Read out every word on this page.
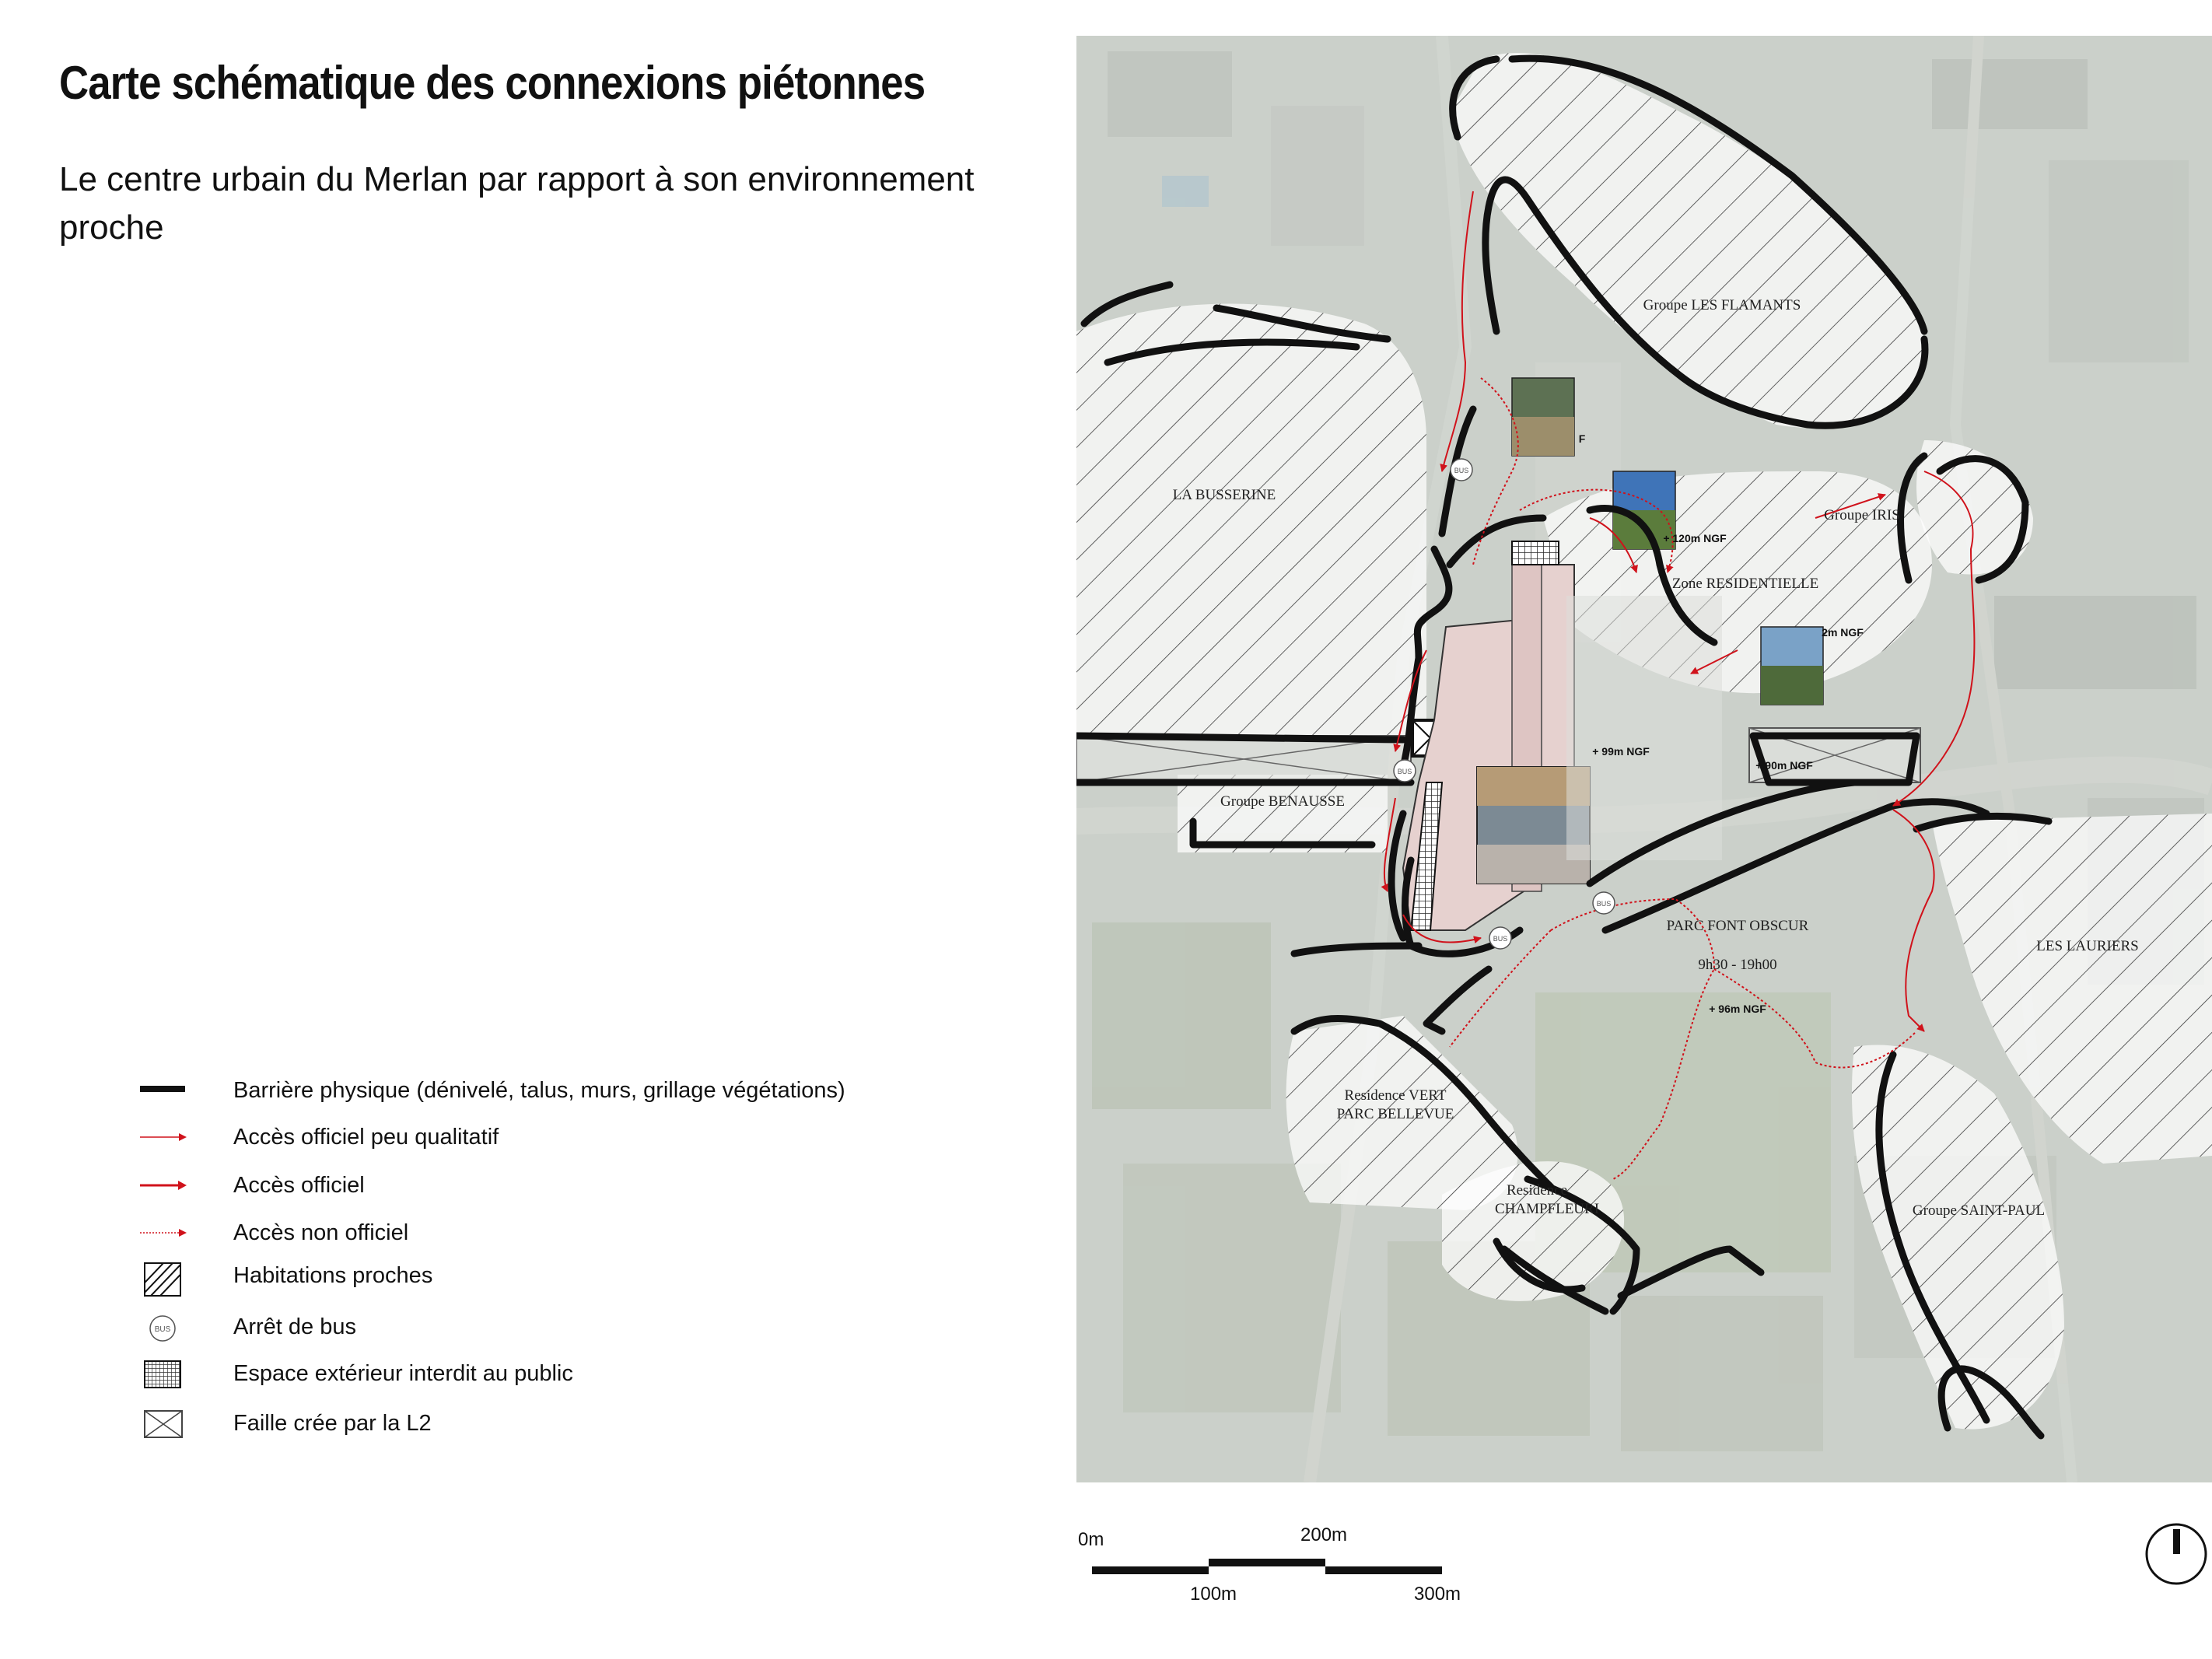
Carte schématique des connexions piétonnes

Le centre urbain du Merlan par rapport à son environnement proche

Barrière physique (dénivelé, talus, murs, grillage végétations)
Accès officiel peu qualitatif
Accès officiel
Accès non officiel
Habitations proches
BUS	Arrêt de bus
Espace extérieur interdit au public
Faille crée par la L2
BUS
BUS
BUS
BUS
Groupe LES FLAMANTS
LA BUSSERINE
Groupe IRIS
Zone RESIDENTIELLE
Groupe BENAUSSE
PARC FONT OBSCUR
9h30 - 19h00
LES LAURIERS
Residence VERT
PARC BELLEVUE
Residence
CHAMPFLEURI	Groupe SAINT-PAUL
+ 120m NGF
+ 99m NGF
+ 90m NGF
+ 96m NGF
F
2m NGF
0m
100m
200m
300m
